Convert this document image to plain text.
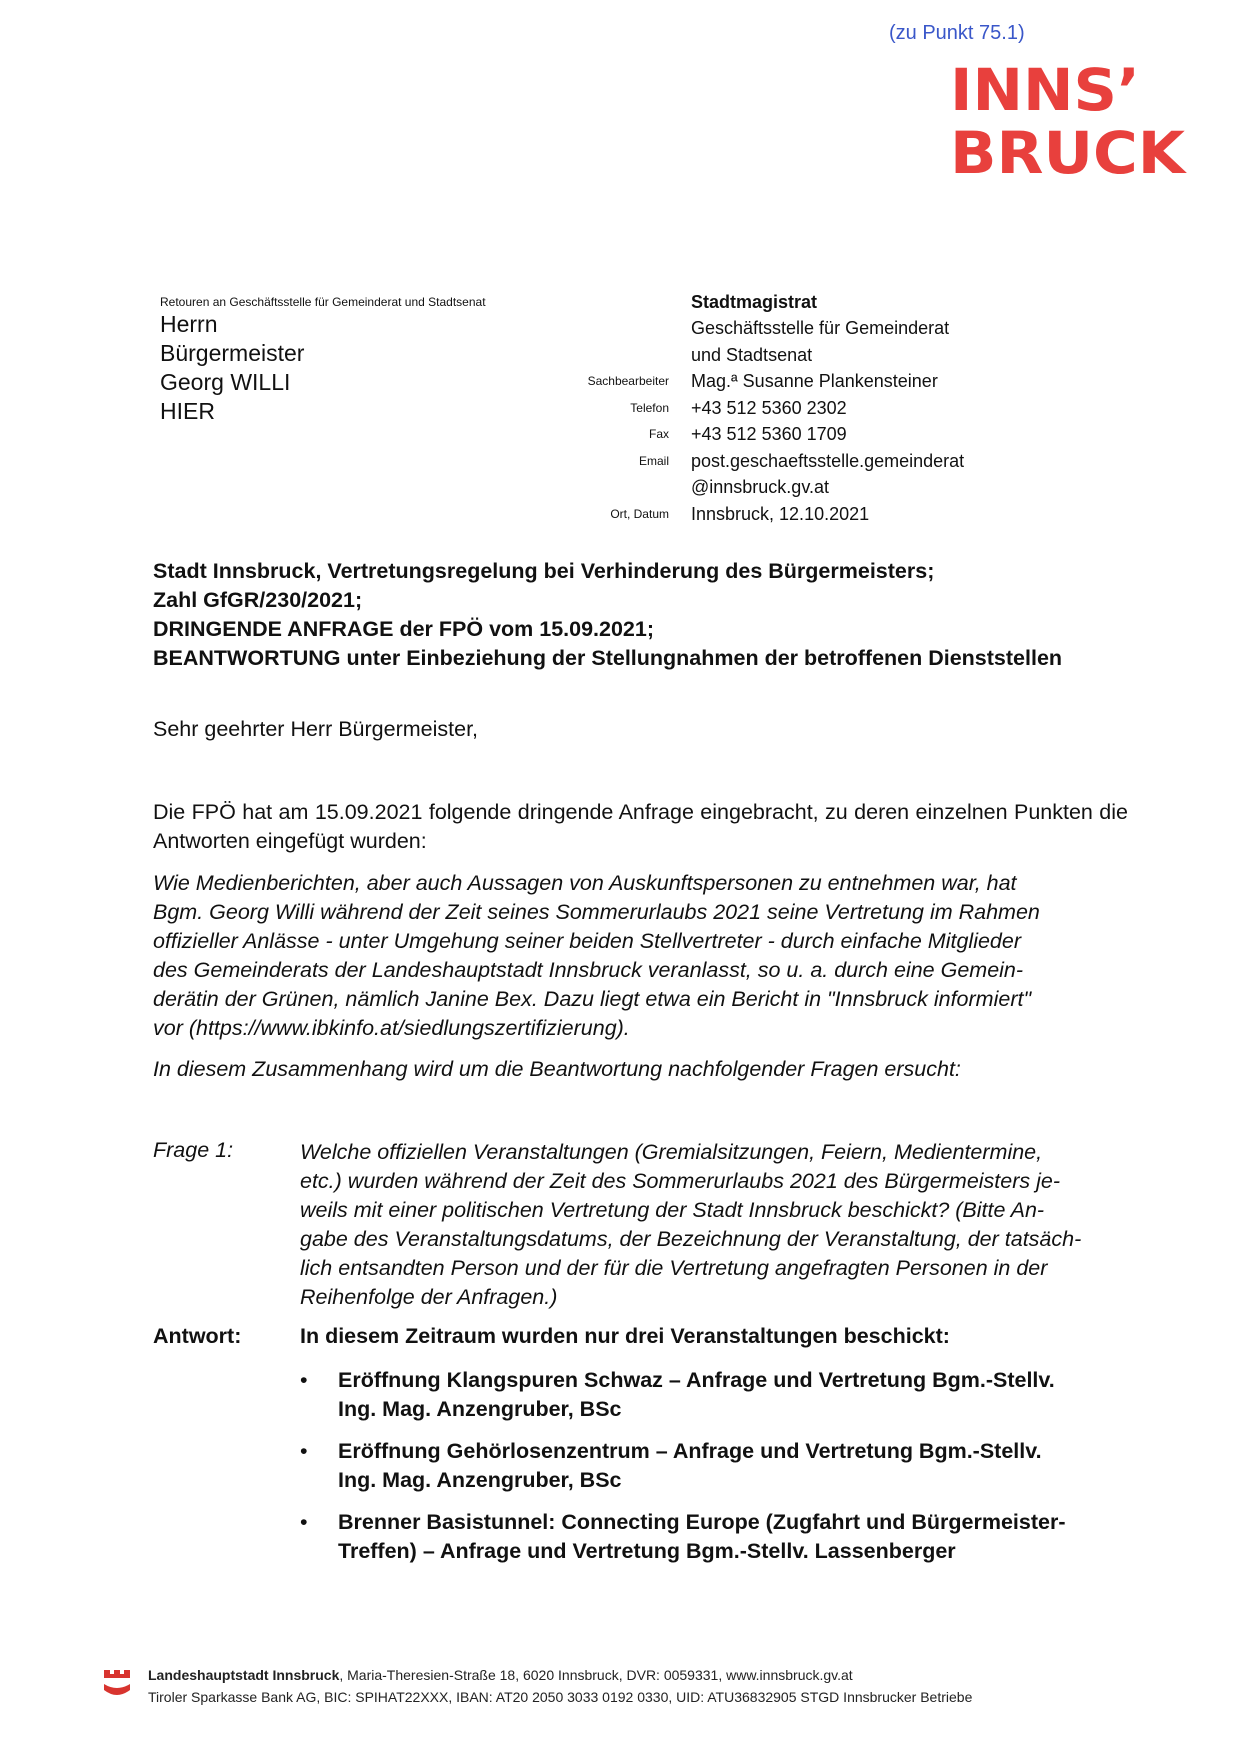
(zu Punkt 75.1)
INNS’
BRUCK
Retouren an Geschäftsstelle für Gemeinderat und Stadtsenat
Herrn
Bürgermeister
Georg WILLI
HIER
Stadtmagistrat
Geschäftsstelle für Gemeinderat
und Stadtsenat
Sachbearbeiter	Mag.ª Susanne Plankensteiner
Telefon	+43 512 5360 2302
Fax	+43 512 5360 1709
Email	post.geschaeftsstelle.gemeinderat
@innsbruck.gv.at
Ort, Datum	Innsbruck, 12.10.2021
Stadt Innsbruck, Vertretungsregelung bei Verhinderung des Bürgermeisters;
Zahl GfGR/230/2021;
DRINGENDE ANFRAGE der FPÖ vom 15.09.2021;
BEANTWORTUNG unter Einbeziehung der Stellungnahmen der betroffenen Dienststellen
Sehr geehrter Herr Bürgermeister,
Die FPÖ hat am 15.09.2021 folgende dringende Anfrage eingebracht, zu deren einzelnen Punkten die Antworten eingefügt wurden:
Wie Medienberichten, aber auch Aussagen von Auskunftspersonen zu entnehmen war, hat
Bgm. Georg Willi während der Zeit seines Sommerurlaubs 2021 seine Vertretung im Rahmen
offizieller Anlässe - unter Umgehung seiner beiden Stellvertreter - durch einfache Mitglieder
des Gemeinderats der Landeshauptstadt Innsbruck veranlasst, so u. a. durch eine Gemein-
derätin der Grünen, nämlich Janine Bex. Dazu liegt etwa ein Bericht in "Innsbruck informiert"
vor (https://www.ibkinfo.at/siedlungszertifizierung).
In diesem Zusammenhang wird um die Beantwortung nachfolgender Fragen ersucht:
Frage 1:	Welche offiziellen Veranstaltungen (Gremialsitzungen, Feiern, Medientermine,
etc.) wurden während der Zeit des Sommerurlaubs 2021 des Bürgermeisters je-
weils mit einer politischen Vertretung der Stadt Innsbruck beschickt? (Bitte An-
gabe des Veranstaltungsdatums, der Bezeichnung der Veranstaltung, der tatsäch-
lich entsandten Person und der für die Vertretung angefragten Personen in der
Reihenfolge der Anfragen.)
Antwort:	In diesem Zeitraum wurden nur drei Veranstaltungen beschickt:
• Eröffnung Klangspuren Schwaz – Anfrage und Vertretung Bgm.-Stellv.
Ing. Mag. Anzengruber, BSc
• Eröffnung Gehörlosenzentrum – Anfrage und Vertretung Bgm.-Stellv.
Ing. Mag. Anzengruber, BSc
• Brenner Basistunnel: Connecting Europe (Zugfahrt und Bürgermeister-
Treffen) – Anfrage und Vertretung Bgm.-Stellv. Lassenberger
Landeshauptstadt Innsbruck, Maria-Theresien-Straße 18, 6020 Innsbruck, DVR: 0059331, www.innsbruck.gv.at
Tiroler Sparkasse Bank AG, BIC: SPIHAT22XXX, IBAN: AT20 2050 3033 0192 0330, UID: ATU36832905 STGD Innsbrucker Betriebe
